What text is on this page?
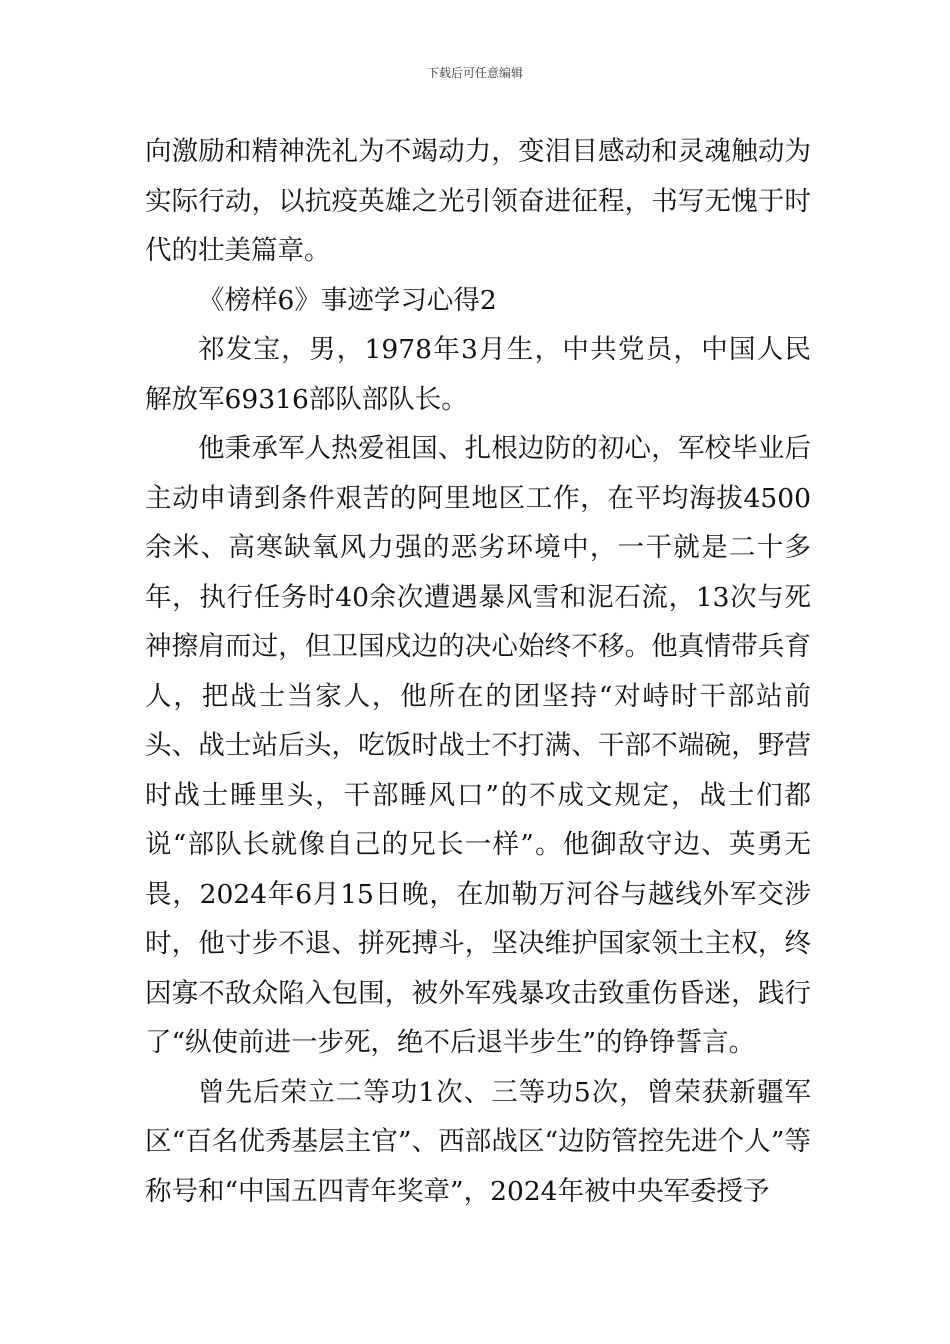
下载后可任意编辑

向激励和精神洗礼为不竭动力，变泪目感动和灵魂触动为实际行动，以抗疫英雄之光引领奋进征程，书写无愧于时代的壮美篇章。

《榜样6》事迹学习心得2

祁发宝，男，1978年3月生，中共党员，中国人民解放军69316部队部队长。

他秉承军人热爱祖国、扎根边防的初心，军校毕业后主动申请到条件艰苦的阿里地区工作，在平均海拔4500余米、高寒缺氧风力强的恶劣环境中，一干就是二十多年，执行任务时40余次遭遇暴风雪和泥石流，13次与死神擦肩而过，但卫国戍边的决心始终不移。他真情带兵育人，把战士当家人，他所在的团坚持“对峙时干部站前头、战士站后头，吃饭时战士不打满、干部不端碗，野营时战士睡里头，干部睡风口”的不成文规定，战士们都说“部队长就像自己的兄长一样”。他御敌守边、英勇无畏，2024年6月15日晚，在加勒万河谷与越线外军交涉时，他寸步不退、拼死搏斗，坚决维护国家领土主权，终因寡不敌众陷入包围，被外军残暴攻击致重伤昏迷，践行了“纵使前进一步死，绝不后退半步生”的铮铮誓言。

曾先后荣立二等功1次、三等功5次，曾荣获新疆军区“百名优秀基层主官”、西部战区“边防管控先进个人”等称号和“中国五四青年奖章”，2024年被中央军委授予
